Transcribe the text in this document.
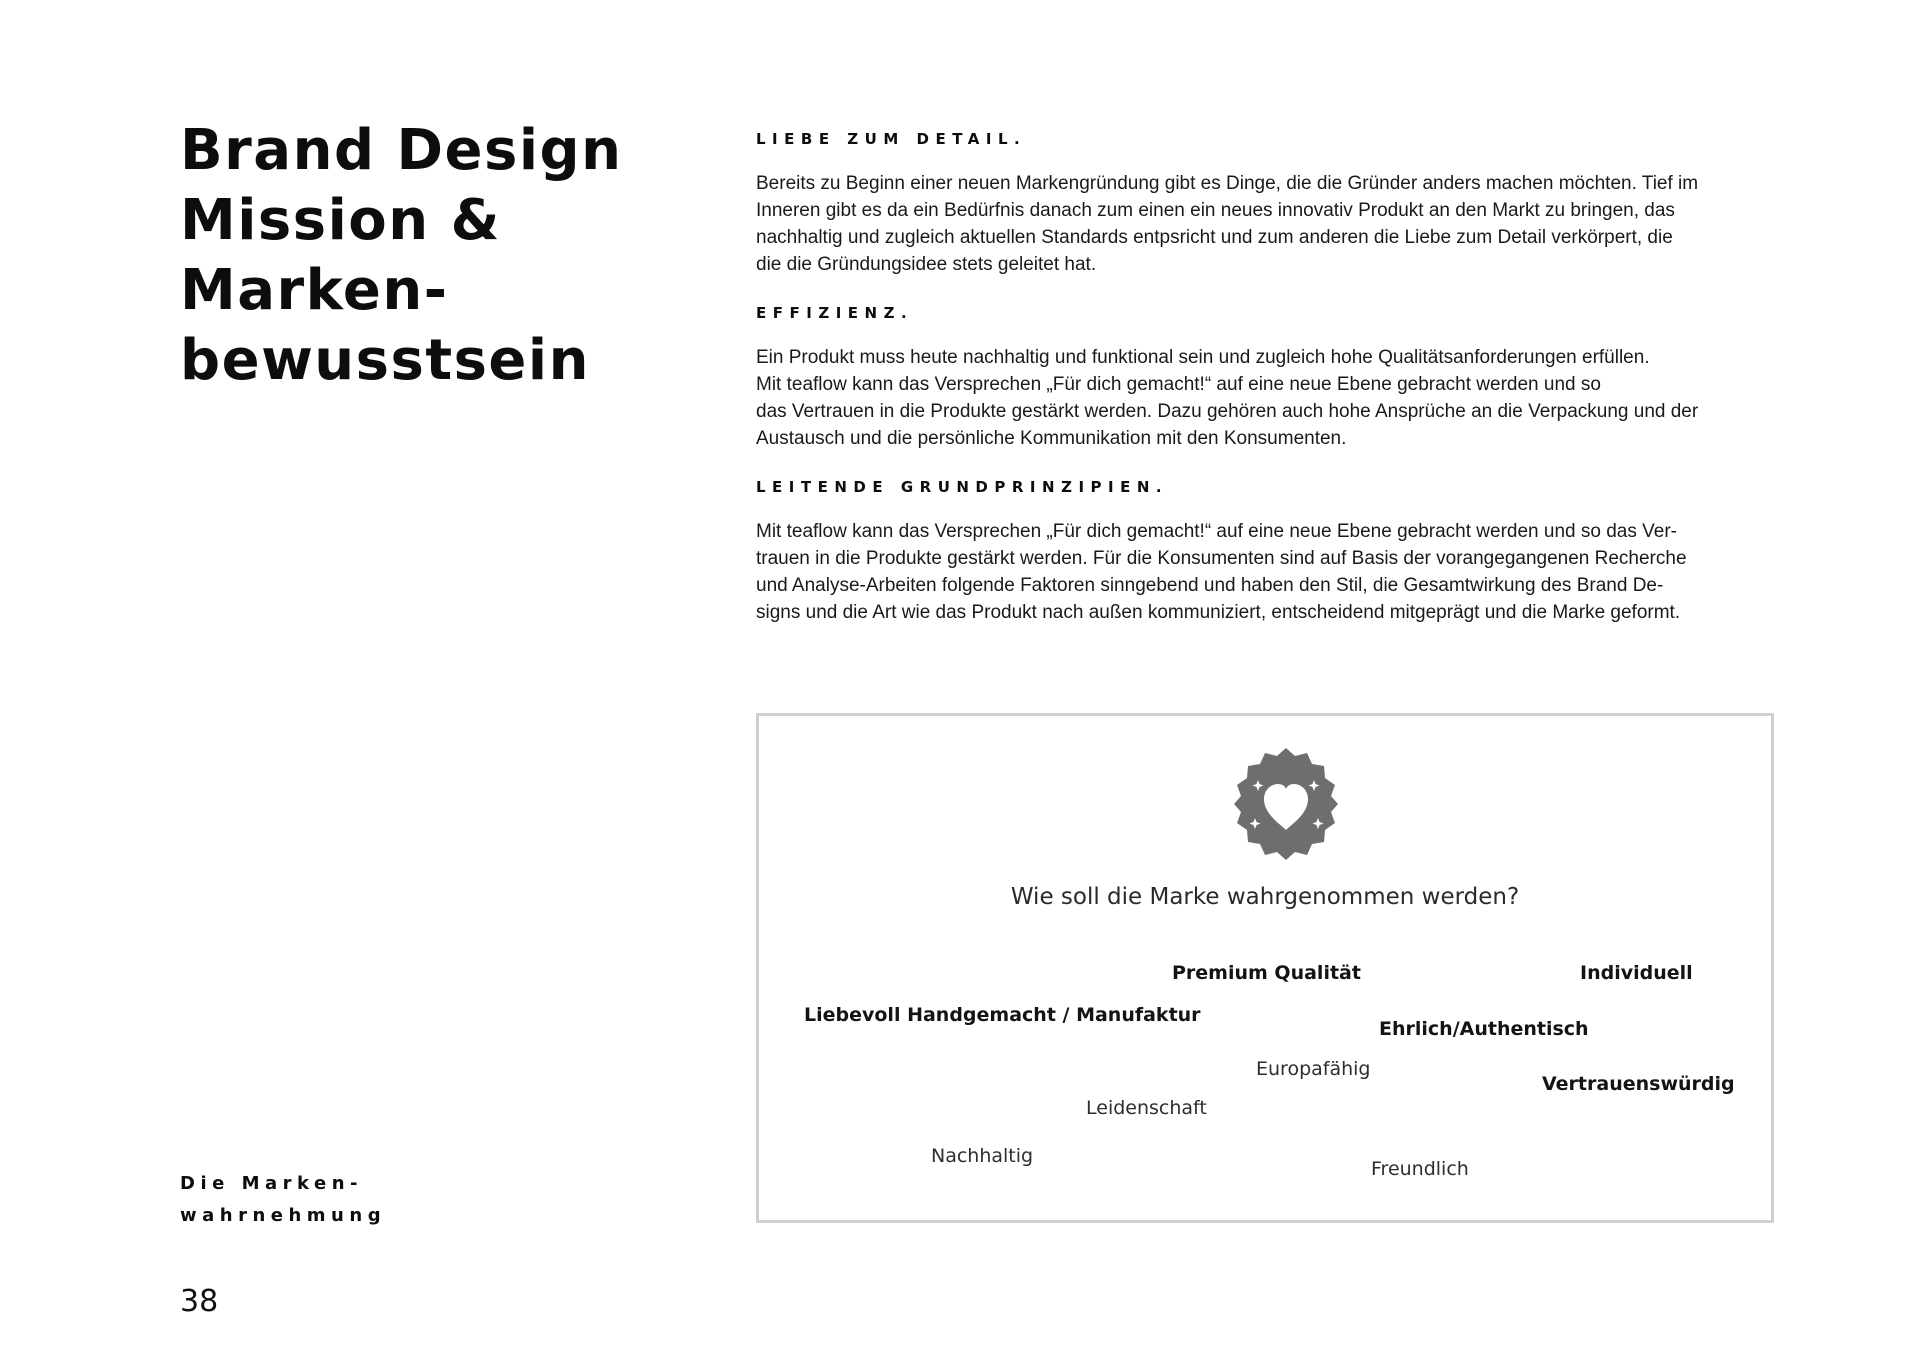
Brand Design
Mission &
Marken-
bewusstsein
Die Marken-
wahrnehmung
38
LIEBE ZUM DETAIL.
Bereits zu Beginn einer neuen Markengründung gibt es Dinge, die die Gründer anders machen möchten. Tief im
Inneren gibt es da ein Bedürfnis danach zum einen ein neues innovativ Produkt an den Markt zu bringen, das
nachhaltig und zugleich aktuellen Standards entpsricht und zum anderen die Liebe zum Detail verkörpert, die
die die Gründungsidee stets geleitet hat.
EFFIZIENZ.
Ein Produkt muss heute nachhaltig und funktional sein und zugleich hohe Qualitätsanforderungen erfüllen.
Mit teaflow kann das Versprechen „Für dich gemacht!“ auf eine neue Ebene gebracht werden und so
das Vertrauen in die Produkte gestärkt werden. Dazu gehören auch hohe Ansprüche an die Verpackung und der
Austausch und die persönliche Kommunikation mit den Konsumenten.
LEITENDE GRUNDPRINZIPIEN.
Mit teaflow kann das Versprechen „Für dich gemacht!“ auf eine neue Ebene gebracht werden und so das Ver-
trauen in die Produkte gestärkt werden. Für die Konsumenten sind auf Basis der vorangegangenen Recherche
und Analyse-Arbeiten folgende Faktoren sinngebend und haben den Stil, die Gesamtwirkung des Brand De-
signs und die Art wie das Produkt nach außen kommuniziert, entscheidend mitgeprägt und die Marke geformt.
Wie soll die Marke wahrgenommen werden?
Premium Qualität	Individuell
Liebevoll Handgemacht / Manufaktur
Ehrlich/Authentisch
Europafähig
Vertrauenswürdig
Leidenschaft
Nachhaltig
Freundlich
